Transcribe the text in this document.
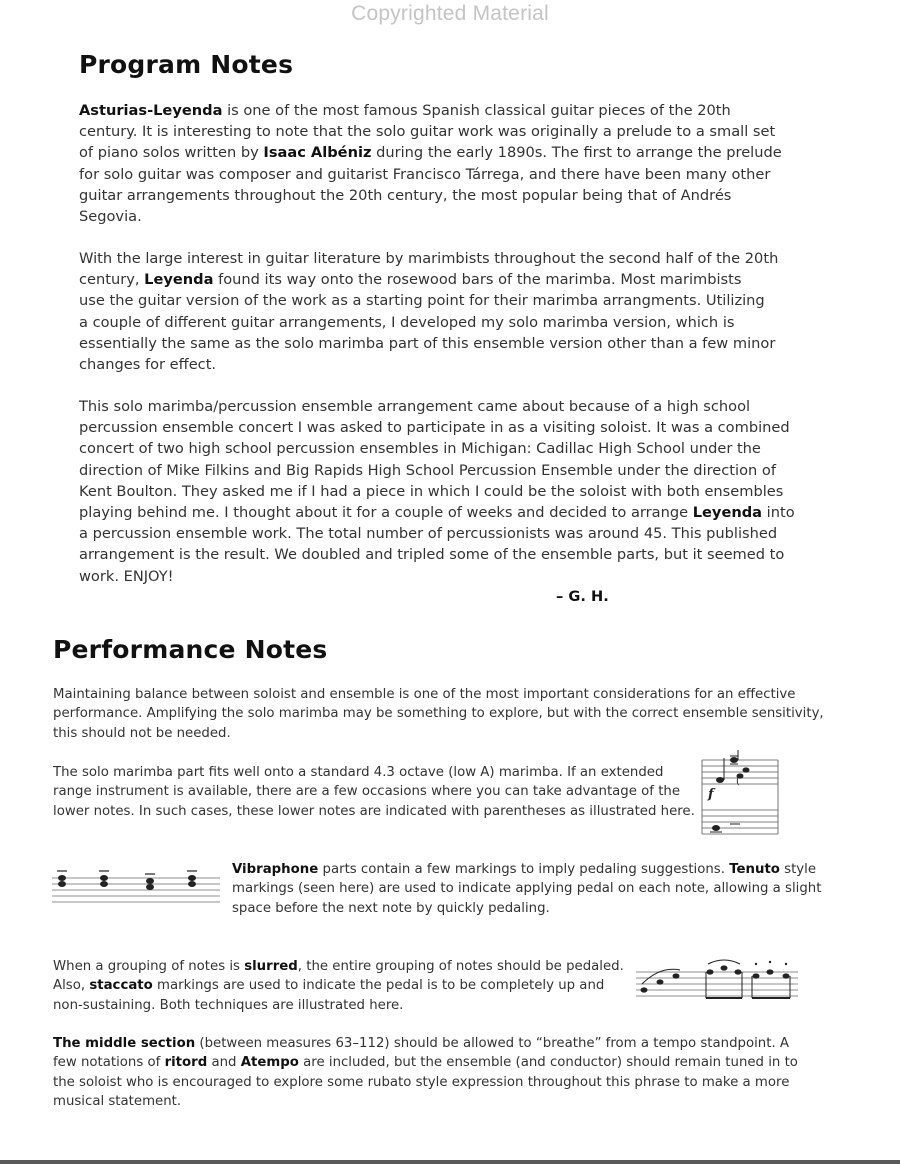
Copyrighted Material
Program Notes

Asturias-Leyenda is one of the most famous Spanish classical guitar pieces of the 20th
century. It is interesting to note that the solo guitar work was originally a prelude to a small set
of piano solos written by Isaac Albéniz during the early 1890s. The first to arrange the prelude
for solo guitar was composer and guitarist Francisco Tárrega, and there have been many other
guitar arrangements throughout the 20th century, the most popular being that of Andrés
Segovia.

With the large interest in guitar literature by marimbists throughout the second half of the 20th
century, Leyenda found its way onto the rosewood bars of the marimba. Most marimbists
use the guitar version of the work as a starting point for their marimba arrangments. Utilizing
a couple of different guitar arrangements, I developed my solo marimba version, which is
essentially the same as the solo marimba part of this ensemble version other than a few minor
changes for effect.

This solo marimba/percussion ensemble arrangement came about because of a high school
percussion ensemble concert I was asked to participate in as a visiting soloist. It was a combined
concert of two high school percussion ensembles in Michigan: Cadillac High School under the
direction of Mike Filkins and Big Rapids High School Percussion Ensemble under the direction of
Kent Boulton. They asked me if I had a piece in which I could be the soloist with both ensembles
playing behind me. I thought about it for a couple of weeks and decided to arrange Leyenda into
a percussion ensemble work. The total number of percussionists was around 45. This published
arrangement is the result. We doubled and tripled some of the ensemble parts, but it seemed to
work. ENJOY!

– G. H.
Performance Notes

Maintaining balance between soloist and ensemble is one of the most important considerations for an effective
performance. Amplifying the solo marimba may be something to explore, but with the correct ensemble sensitivity,
this should not be needed.

The solo marimba part fits well onto a standard 4.3 octave (low A) marimba. If an extended
range instrument is available, there are a few occasions where you can take advantage of the
lower notes. In such cases, these lower notes are indicated with parentheses as illustrated here.

Vibraphone parts contain a few markings to imply pedaling suggestions. Tenuto style
markings (seen here) are used to indicate applying pedal on each note, allowing a slight
space before the next note by quickly pedaling.

When a grouping of notes is slurred, the entire grouping of notes should be pedaled.
Also, staccato markings are used to indicate the pedal is to be completely up and
non-sustaining. Both techniques are illustrated here.

The middle section (between measures 63–112) should be allowed to “breathe” from a tempo standpoint. A
few notations of ritord and Atempo are included, but the ensemble (and conductor) should remain tuned in to
the soloist who is encouraged to explore some rubato style expression throughout this phrase to make a more
musical statement.

f
(
